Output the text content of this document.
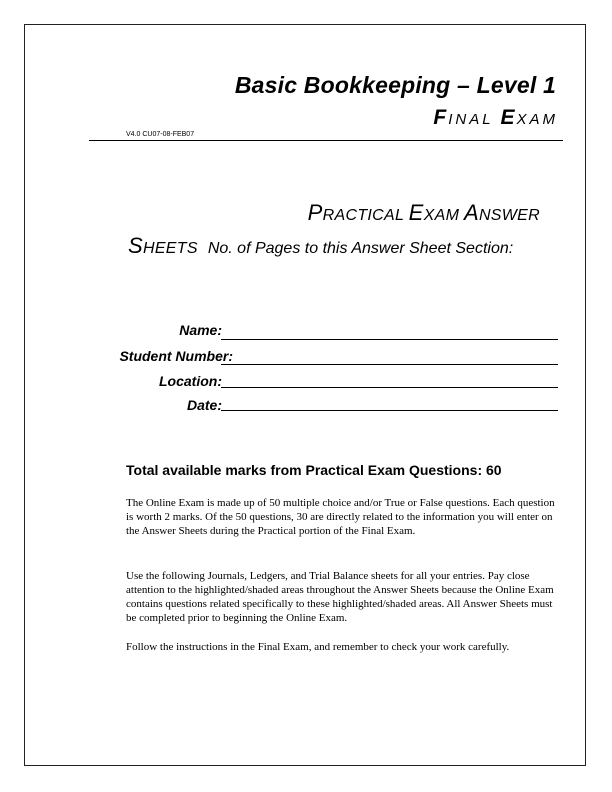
Basic Bookkeeping – Level 1
FINAL EXAM
V4.0 CU07-08-FEB07
PRACTICAL EXAM ANSWER
SHEETS No. of Pages to this Answer Sheet Section:
Name:
Student Number:
Location:
Date:
Total available marks from Practical Exam Questions: 60
The Online Exam is made up of 50 multiple choice and/or True or False questions. Each question is worth 2 marks. Of the 50 questions, 30 are directly related to the information you will enter on the Answer Sheets during the Practical portion of the Final Exam.
Use the following Journals, Ledgers, and Trial Balance sheets for all your entries. Pay close attention to the highlighted/shaded areas throughout the Answer Sheets because the Online Exam contains questions related specifically to these highlighted/shaded areas. All Answer Sheets must be completed prior to beginning the Online Exam.
Follow the instructions in the Final Exam, and remember to check your work carefully.
